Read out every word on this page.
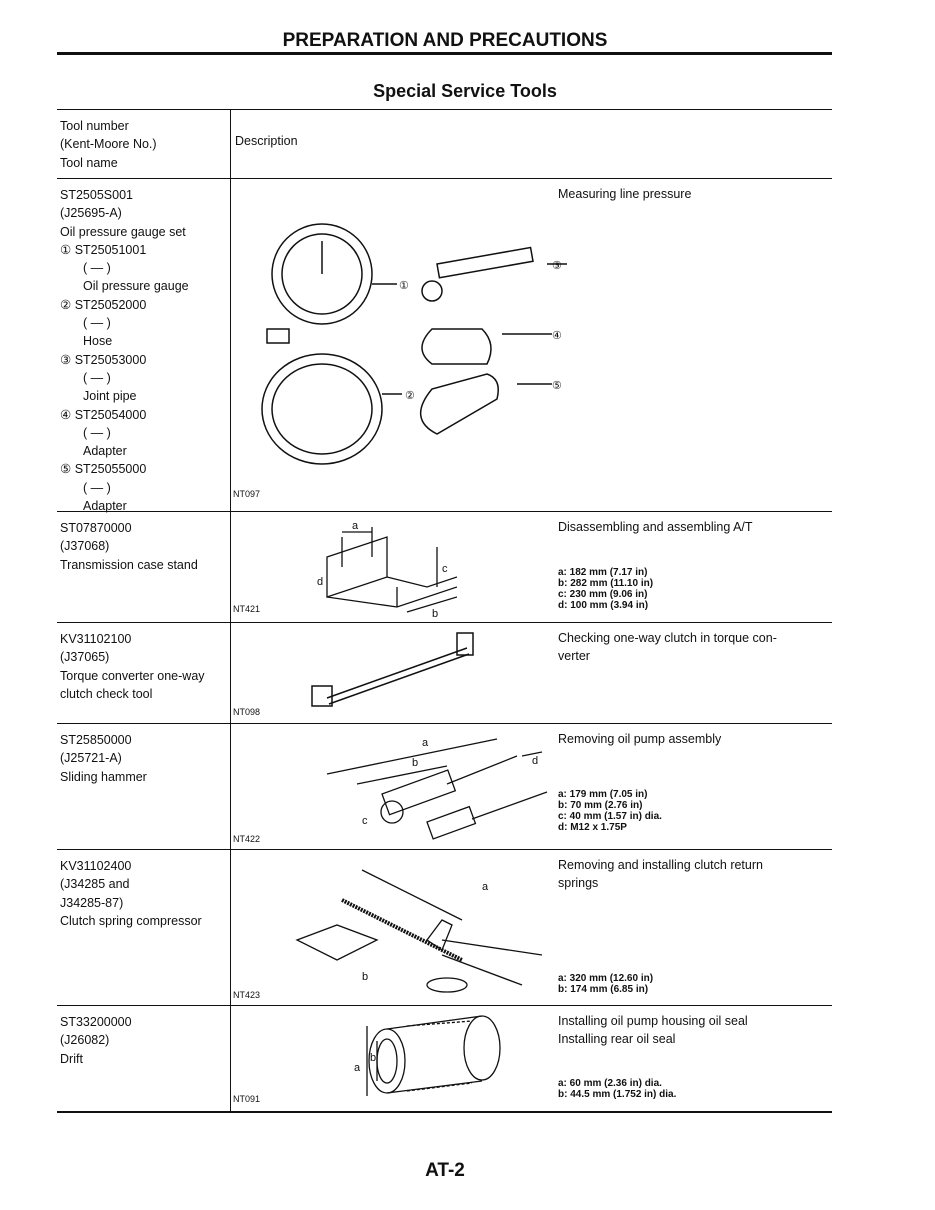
PREPARATION AND PRECAUTIONS
Special Service Tools
Tool number
(Kent-Moore No.)
Tool name
Description
ST2505S001
(J25695-A)
Oil pressure gauge set
① ST25051001
( — )
Oil pressure gauge
② ST25052000
( — )
Hose
③ ST25053000
( — )
Joint pipe
④ ST25054000
( — )
Adapter
⑤ ST25055000
( — )
Adapter
Measuring line pressure
①
②
③
④
⑤
NT097
ST07870000
(J37068)
Transmission case stand
Disassembling and assembling A/T
a: 182 mm (7.17 in)
b: 282 mm (11.10 in)
c: 230 mm (9.06 in)
d: 100 mm (3.94 in)
a
c
b
d
NT421
KV31102100
(J37065)
Torque converter one-way
clutch check tool
Checking one-way clutch in torque con-
verter
NT098
ST25850000
(J25721-A)
Sliding hammer
Removing oil pump assembly
a: 179 mm (7.05 in)
b: 70 mm (2.76 in)
c: 40 mm (1.57 in) dia.
d: M12 x 1.75P
a
b
c
d
NT422
KV31102400
(J34285 and
J34285-87)
Clutch spring compressor
Removing and installing clutch return
springs
a: 320 mm (12.60 in)
b: 174 mm (6.85 in)
a
b
NT423
ST33200000
(J26082)
Drift
Installing oil pump housing oil seal
Installing rear oil seal
a: 60 mm (2.36 in) dia.
b: 44.5 mm (1.752 in) dia.
a
b
NT091
AT-2
